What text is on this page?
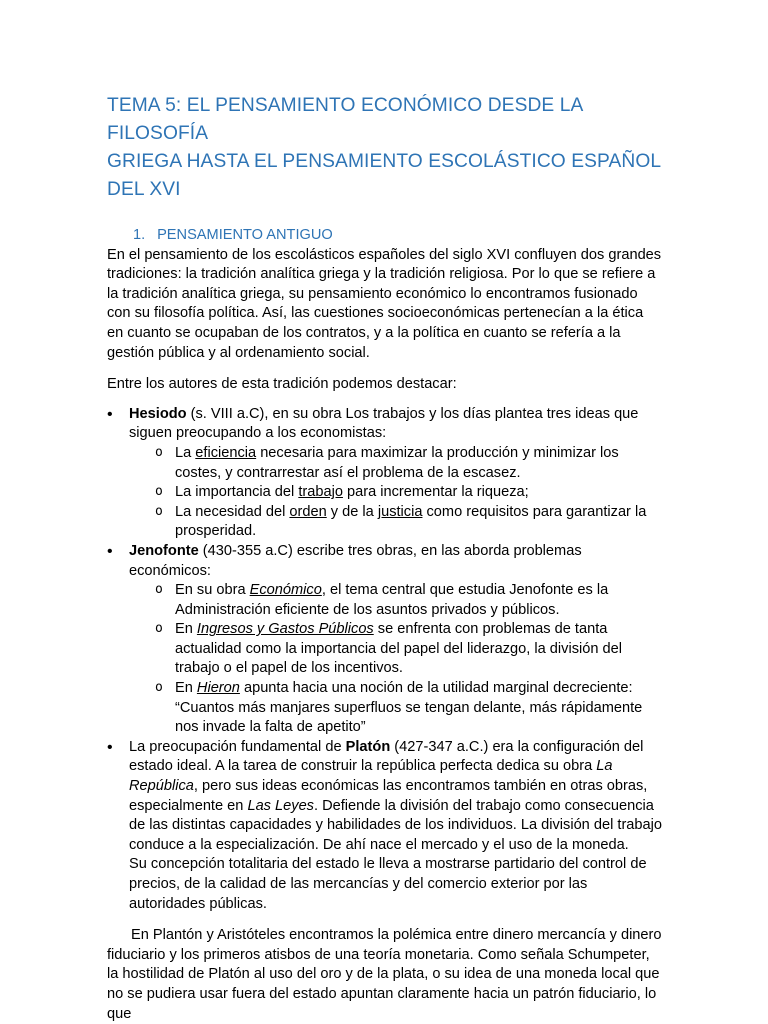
TEMA 5: EL PENSAMIENTO ECONÓMICO DESDE LA FILOSOFÍA
GRIEGA HASTA EL PENSAMIENTO ESCOLÁSTICO ESPAÑOL DEL XVI
1. PENSAMIENTO ANTIGUO

En el pensamiento de los escolásticos españoles del siglo XVI confluyen dos grandes tradiciones: la tradición analítica griega y la tradición religiosa. Por lo que se refiere a la tradición analítica griega, su pensamiento económico lo encontramos fusionado con su filosofía política. Así, las cuestiones socioeconómicas pertenecían a la ética en cuanto se ocupaban de los contratos, y a la política en cuanto se refería a la gestión pública y al ordenamiento social.

Entre los autores de esta tradición podemos destacar:

• Hesiodo (s. VIII a.C), en su obra Los trabajos y los días plantea tres ideas que siguen preocupando a los economistas:
o La eficiencia necesaria para maximizar la producción y minimizar los costes, y contrarrestar así el problema de la escasez.
o La importancia del trabajo para incrementar la riqueza;
o La necesidad del orden y de la justicia como requisitos para garantizar la prosperidad.
• Jenofonte (430-355 a.C) escribe tres obras, en las aborda problemas económicos:
o En su obra Económico, el tema central que estudia Jenofonte es la Administración eficiente de los asuntos privados y públicos.
o En Ingresos y Gastos Públicos se enfrenta con problemas de tanta actualidad como la importancia del papel del liderazgo, la división del trabajo o el papel de los incentivos.
o En Hieron apunta hacia una noción de la utilidad marginal decreciente: “Cuantos más manjares superfluos se tengan delante, más rápidamente nos invade la falta de apetito”
• La preocupación fundamental de Platón (427-347 a.C.) era la configuración del estado ideal. A la tarea de construir la república perfecta dedica su obra La República, pero sus ideas económicas las encontramos también en otras obras, especialmente en Las Leyes. Defiende la división del trabajo como consecuencia de las distintas capacidades y habilidades de los individuos. La división del trabajo conduce a la especialización. De ahí nace el mercado y el uso de la moneda.
Su concepción totalitaria del estado le lleva a mostrarse partidario del control de precios, de la calidad de las mercancías y del comercio exterior por las autoridades públicas.

En Plantón y Aristóteles encontramos la polémica entre dinero mercancía y dinero fiduciario y los primeros atisbos de una teoría monetaria. Como señala Schumpeter, la hostilidad de Platón al uso del oro y de la plata, o su idea de una moneda local que no se pudiera usar fuera del estado apuntan claramente hacia un patrón fiduciario, lo que
